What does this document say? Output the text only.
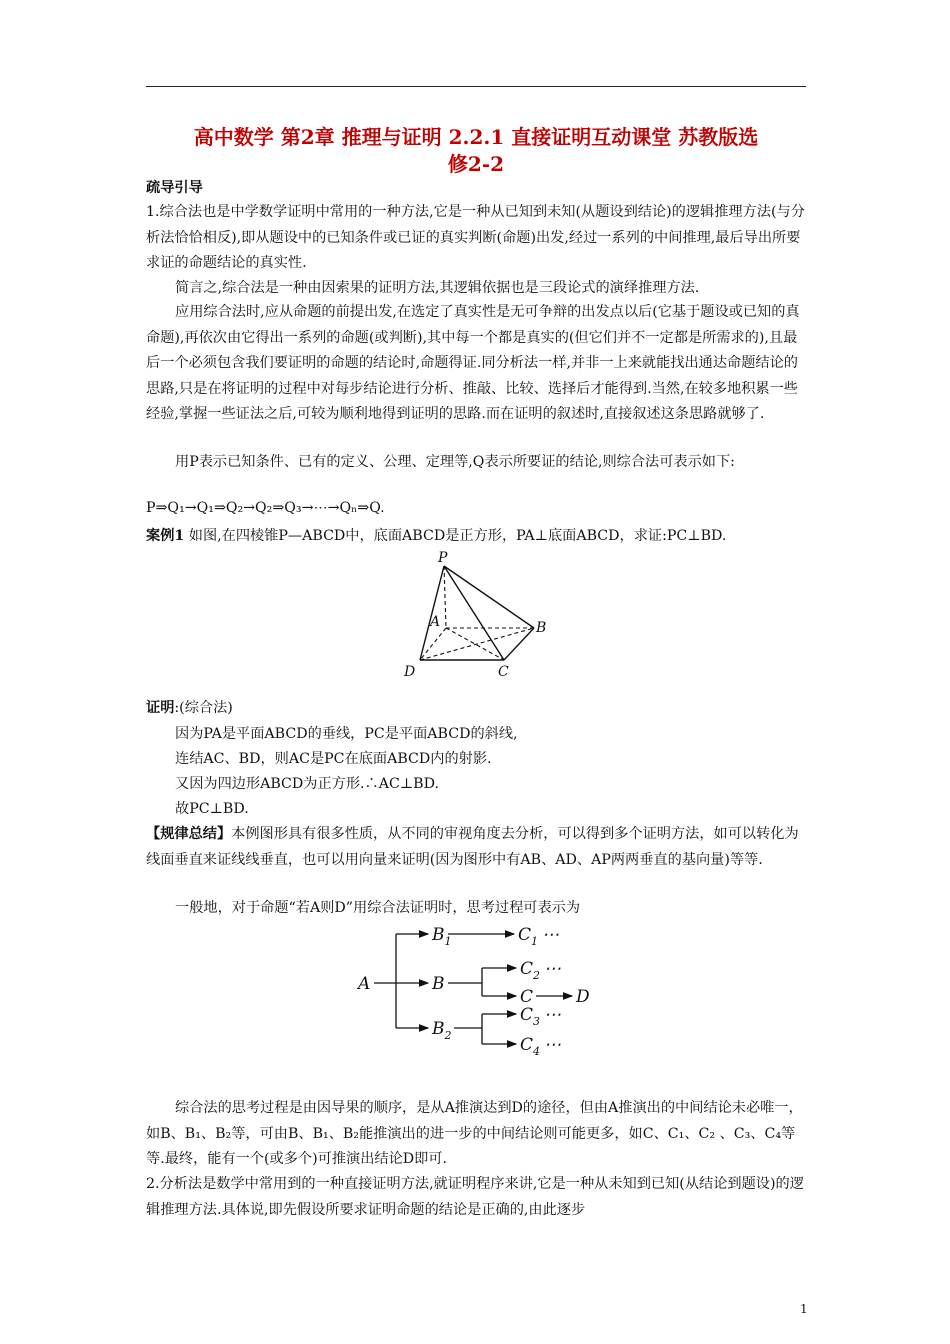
高中数学 第2章 推理与证明 2.2.1 直接证明互动课堂 苏教版选
修2-2
疏导引导
1.综合法也是中学数学证明中常用的一种方法,它是一种从已知到未知(从题设到结论)的逻辑推理方法(与分析法恰恰相反),即从题设中的已知条件或已证的真实判断(命题)出发,经过一系列的中间推理,最后导出所要求证的命题结论的真实性.
简言之,综合法是一种由因索果的证明方法,其逻辑依据也是三段论式的演绎推理方法.
应用综合法时,应从命题的前提出发,在选定了真实性是无可争辩的出发点以后(它基于题设或已知的真命题),再依次由它得出一系列的命题(或判断),其中每一个都是真实的(但它们并不一定都是所需求的),且最后一个必须包含我们要证明的命题的结论时,命题得证.同分析法一样,并非一上来就能找出通达命题结论的思路,只是在将证明的过程中对每步结论进行分析、推敲、比较、选择后才能得到.当然,在较多地积累一些经验,掌握一些证法之后,可较为顺利地得到证明的思路.而在证明的叙述时,直接叙述这条思路就够了.
用P表示已知条件、已有的定义、公理、定理等,Q表示所要证的结论,则综合法可表示如下:
P⇒Q₁→Q₁⇒Q₂→Q₂⇒Q₃→⋯→Qₙ⇒Q.
案例1 如图,在四棱锥P—ABCD中，底面ABCD是正方形，PA⊥底面ABCD，求证:PC⊥BD.
P
A	B
C
D
证明:(综合法)
因为PA是平面ABCD的垂线，PC是平面ABCD的斜线,
连结AC、BD，则AC是PC在底面ABCD内的射影.
又因为四边形ABCD为正方形.∴AC⊥BD.
故PC⊥BD.
【规律总结】本例图形具有很多性质，从不同的审视角度去分析，可以得到多个证明方法，如可以转化为线面垂直来证线线垂直，也可以用向量来证明(因为图形中有AB、AD、AP两两垂直的基向量)等等.
一般地，对于命题“若A则D”用综合法证明时，思考过程可表示为
A
$B_1$
B
$B_2$
$C_1$ ⋯
$C_2$ ⋯
C	D
$C_3$ ⋯
$C_4$ ⋯
综合法的思考过程是由因导果的顺序，是从A推演达到D的途径，但由A推演出的中间结论未必唯一，如B、B₁、B₂等，可由B、B₁、B₂能推演出的进一步的中间结论则可能更多，如C、C₁、C₂ 、C₃、C₄等等.最终，能有一个(或多个)可推演出结论D即可.
2.分析法是数学中常用到的一种直接证明方法,就证明程序来讲,它是一种从未知到已知(从结论到题设)的逻辑推理方法.具体说,即先假设所要求证明命题的结论是正确的,由此逐步
1
